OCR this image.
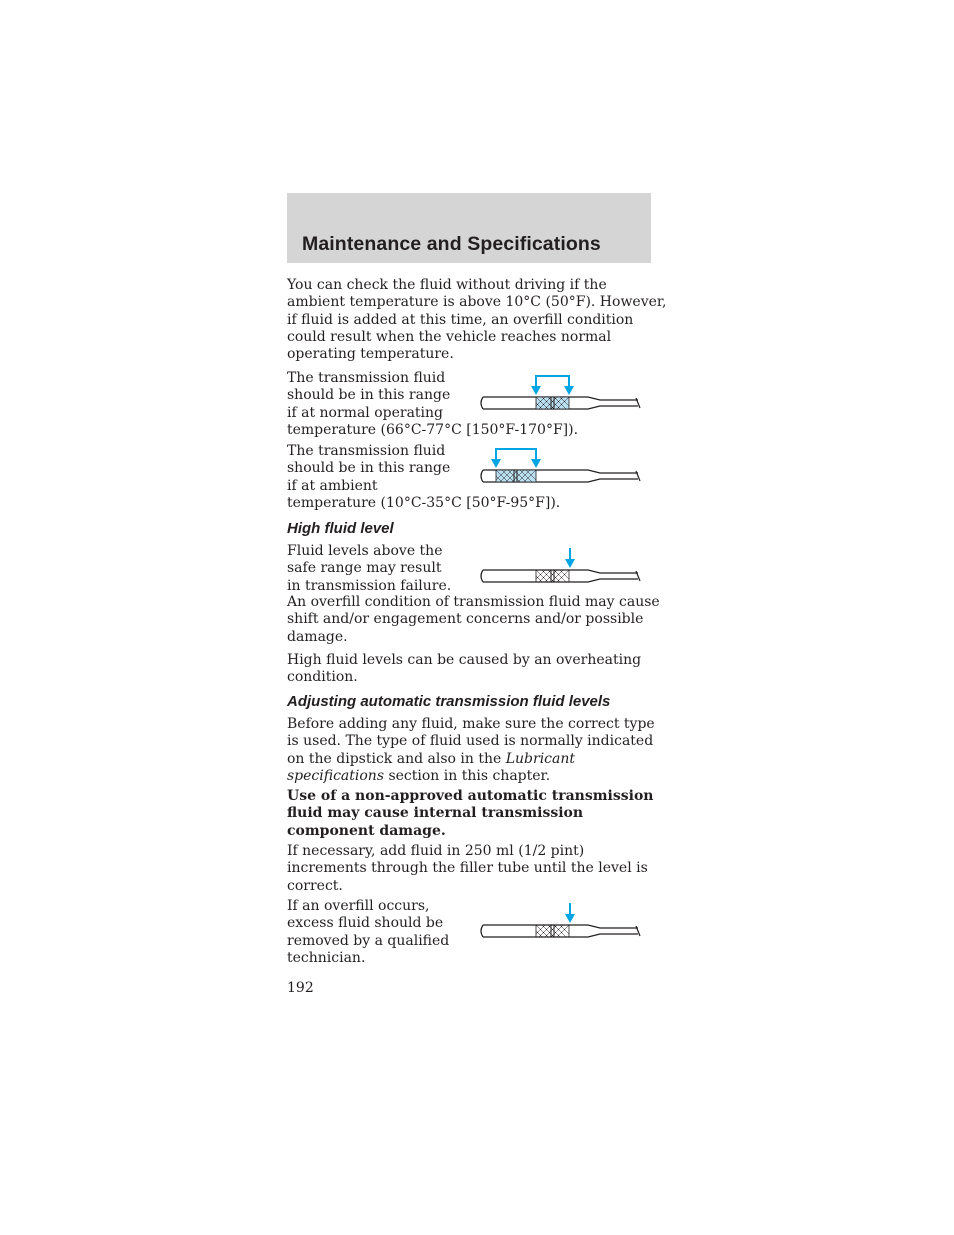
Maintenance and Specifications
You can check the fluid without driving if the
ambient temperature is above 10°C (50°F). However,
if fluid is added at this time, an overfill condition
could result when the vehicle reaches normal
operating temperature.
The transmission fluid
should be in this range
if at normal operating
temperature (66°C-77°C [150°F-170°F]).
The transmission fluid
should be in this range
if at ambient
temperature (10°C-35°C [50°F-95°F]).
High fluid level
Fluid levels above the
safe range may result
in transmission failure.
An overfill condition of transmission fluid may cause
shift and/or engagement concerns and/or possible
damage.
High fluid levels can be caused by an overheating
condition.
Adjusting automatic transmission fluid levels
Before adding any fluid, make sure the correct type
is used. The type of fluid used is normally indicated
on the dipstick and also in the Lubricant
specifications section in this chapter.
Use of a non-approved automatic transmission
fluid may cause internal transmission
component damage.
If necessary, add fluid in 250 ml (1/2 pint)
increments through the filler tube until the level is
correct.
If an overfill occurs,
excess fluid should be
removed by a qualified
technician.
192
